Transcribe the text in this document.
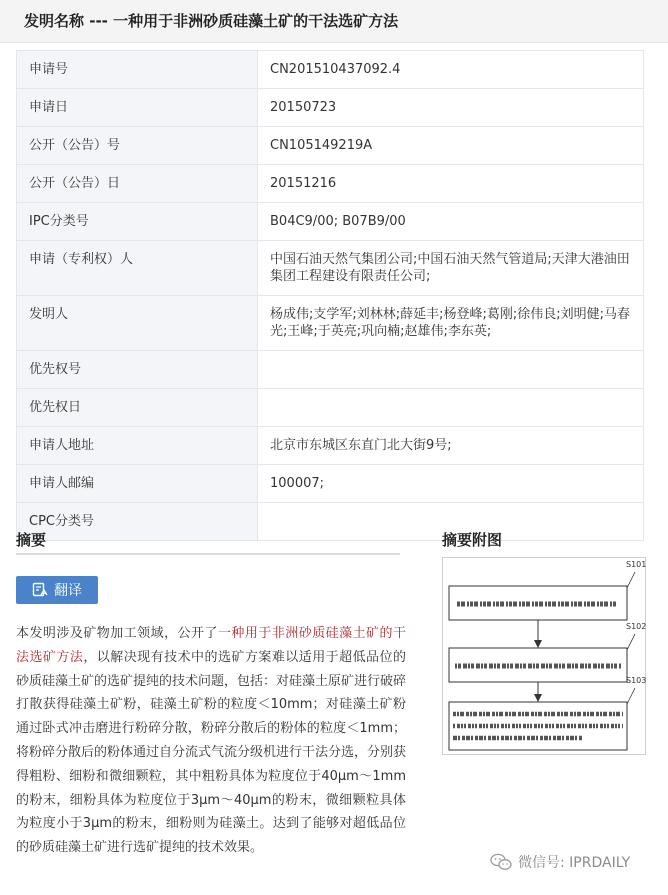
发明名称 --- 一种用于非洲砂质硅藻土矿的干法选矿方法
申请号	CN201510437092.4
申请日	20150723
公开（公告）号	CN105149219A
公开（公告）日	20151216
IPC分类号	B04C9/00; B07B9/00
申请（专利权）人	中国石油天然气集团公司;中国石油天然气管道局;天津大港油田集团工程建设有限责任公司;
发明人	杨成伟;支学军;刘林林;薛延丰;杨登峰;葛刚;徐伟良;刘明健;马春光;王峰;于英亮;巩向楠;赵雄伟;李东英;
优先权号	
优先权日	
申请人地址	北京市东城区东直门北大街9号;
申请人邮编	100007;
CPC分类号	
摘要	摘要附图
翻译
本发明涉及矿物加工领域，公开了一种用于非洲砂质硅藻土矿的干法选矿方法，以解决现有技术中的选矿方案难以适用于超低品位的砂质硅藻土矿的选矿提纯的技术问题，包括：对硅藻土原矿进行破碎打散获得硅藻土矿粉，硅藻土矿粉的粒度＜10mm；对硅藻土矿粉通过卧式冲击磨进行粉碎分散，粉碎分散后的粉体的粒度＜1mm；将粉碎分散后的粉体通过自分流式气流分级机进行干法分选，分别获得粗粉、细粉和微细颗粒，其中粗粉具体为粒度位于40μm～1mm的粉末，细粉具体为粒度位于3μm～40μm的粉末，微细颗粒具体为粒度小于3μm的粉末，细粉则为硅藻土。达到了能够对超低品位的砂质硅藻土矿进行选矿提纯的技术效果。
S101
S102
S103
微信号: IPRDAILY
